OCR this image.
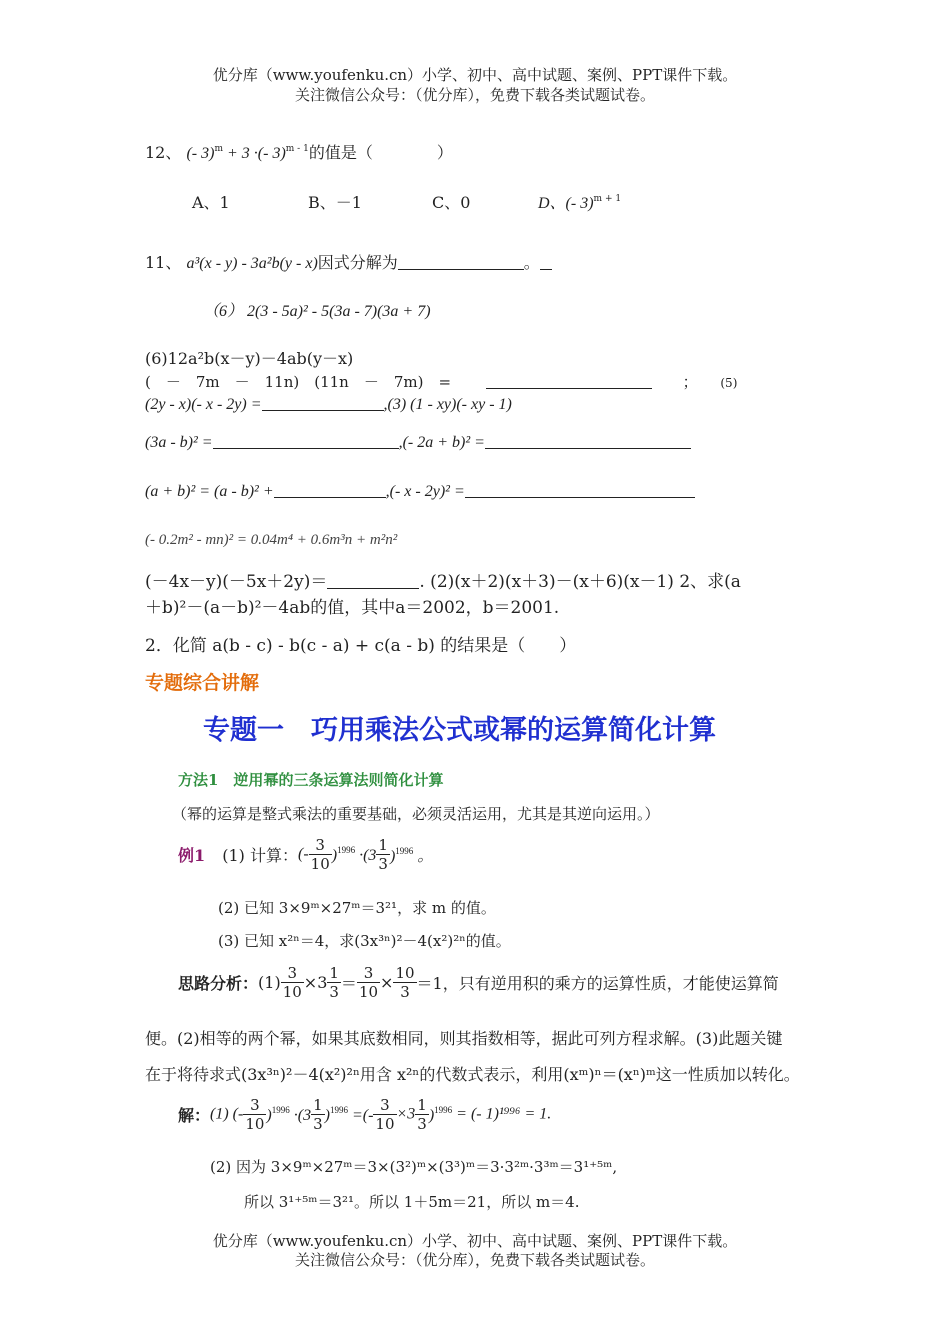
优分库（www.youfenku.cn）小学、初中、高中试题、案例、PPT课件下载。
关注微信公众号：（优分库），免费下载各类试题试卷。
12、 (- 3)$^m$ + 3 ·(- 3)$^{m - 1}$的值是（　　　　）
A、1	B、－1	C、0	D、(- 3)$^{m + 1}$
11、 a³(x - y) - 3a²b(y - x)因式分解为	。
（6） 2(3 - 5a)² - 5(3a - 7)(3a + 7)
(6)12a²b(x－y)－4ab(y－x)
(　－　7m　－　11n)　(11n　－　7m)　=	； (5)
(2y - x)(- x - 2y) =	,(3) (1 - xy)(- xy - 1)
(3a - b)² =	,(- 2a + b)² =
(a + b)² = (a - b)² +	,(- x - 2y)² =
(- 0.2m² - mn)² = 0.04m⁴ + 0.6m³n + m²n²
(－4x－y)(－5x＋2y)＝	. (2)(x＋2)(x＋3)－(x＋6)(x－1) 2、求(a
＋b)²－(a－b)²－4ab的值，其中a＝2002，b＝2001.
2．化简 a(b - c) - b(c - a) + c(a - b) 的结果是（　　）
专题综合讲解
专题一　巧用乘法公式或幂的运算简化计算
方法1　逆用幂的三条运算法则简化计算
（幂的运算是整式乘法的重要基础，必须灵活运用，尤其是其逆向运用。）
例1 (1) 计算：(- $\frac{3}{10} )^{1996} \cdot(3 \frac{1}{3} )^{1996}$ 。
(2) 已知 3×9ᵐ×27ᵐ＝3²¹，求 m 的值。
(3) 已知 x²ⁿ＝4，求(3x³ⁿ)²－4(x²)²ⁿ的值。
思路分析：$(1) \frac{3}{10} \times 3 \frac{1}{3} = \frac{3}{10} \times \frac{10}{3} =1$，只有逆用积的乘方的运算性质，才能使运算简
便。(2)相等的两个幂，如果其底数相同，则其指数相等，据此可列方程求解。(3)此题关键
在于将待求式(3x³ⁿ)²－4(x²)²ⁿ用含 x²ⁿ的代数式表示，利用(xᵐ)ⁿ＝(xⁿ)ᵐ这一性质加以转化。
解：(1) (- $\frac{3}{10} )^{1996} \cdot(3 \frac{1}{3} )^{1996}$ =(- $\frac{3}{10} \times 3 \frac{1}{3} )^{1996}$ = (- 1)¹⁹⁹⁶ = 1.
(2) 因为 3×9ᵐ×27ᵐ＝3×(3²)ᵐ×(3³)ᵐ＝3·3²ᵐ·3³ᵐ＝3¹⁺⁵ᵐ,
所以 3¹⁺⁵ᵐ＝3²¹。所以 1＋5m＝21，所以 m＝4.
优分库（www.youfenku.cn）小学、初中、高中试题、案例、PPT课件下载。
关注微信公众号：（优分库），免费下载各类试题试卷。
